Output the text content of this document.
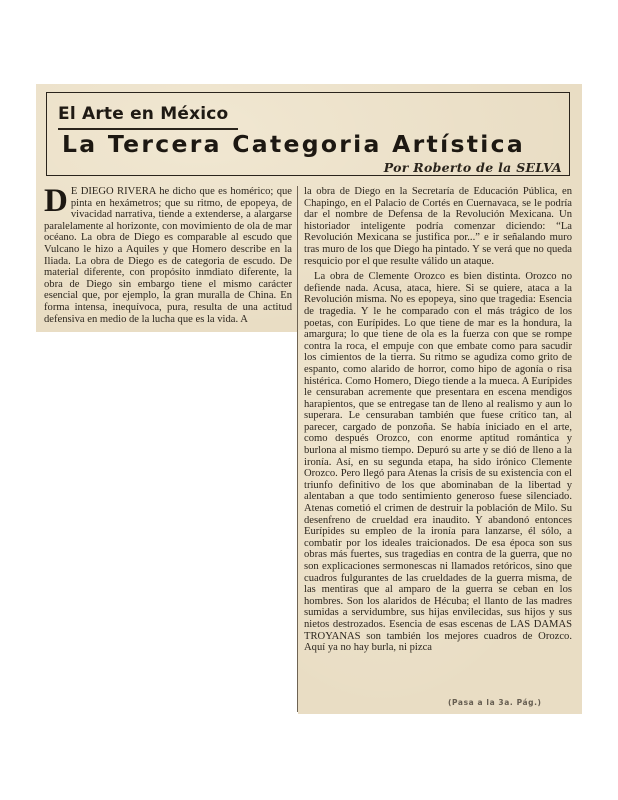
El Arte en México
La Tercera Categoria Artística
Por Roberto de la SELVA

D E DIEGO RIVERA he dicho que es homérico; que pinta en hexámetros; que su ritmo, de epopeya, de vivacidad narrativa, tiende a extenderse, a alargarse paralelamente al horizonte, con movimiento de ola de mar océano. La obra de Diego es comparable al escudo que Vulcano le hizo a Aquiles y que Homero describe en la Iliada. La obra de Diego es de categoria de escudo. De material diferente, con propósito inmdiato diferente, la obra de Diego sin embargo tiene el mismo carácter esencial que, por ejemplo, la gran muralla de China. En forma intensa, inequívoca, pura, resulta de una actitud defensiva en medio de la lucha que es la vida. A

la obra de Diego en la Secretaría de Educación Pública, en Chapingo, en el Palacio de Cortés en Cuernavaca, se le podría dar el nombre de Defensa de la Revolución Mexicana. Un historiador inteligente podría comenzar diciendo: “La Revolución Mexicana se justifica por...” e ir señalando muro tras muro de los que Diego ha pintado. Y se verá que no queda resquicio por el que resulte válido un ataque.

La obra de Clemente Orozco es bien distinta. Orozco no defiende nada. Acusa, ataca, hiere. Si se quiere, ataca a la Revolución misma. No es epopeya, sino que tragedia: Esencia de tragedia. Y le he comparado con el más trágico de los poetas, con Eurípides. Lo que tiene de mar es la hondura, la amargura; lo que tiene de ola es la fuerza con que se rompe contra la roca, el empuje con que embate como para sacudir los cimientos de la tierra. Su ritmo se agudiza como grito de espanto, como alarido de horror, como hipo de agonía o risa histérica. Como Homero, Diego tiende a la mueca. A Eurípides le censuraban acremente que presentara en escena mendigos harapientos, que se entregase tan de lleno al realismo y aun lo superara. Le censuraban también que fuese crítico tan, al parecer, cargado de ponzoña. Se había iniciado en el arte, como después Orozco, con enorme aptitud romántica y burlona al mismo tiempo. Depuró su arte y se dió de lleno a la ironía. Así, en su segunda etapa, ha sido irónico Clemente Orozco. Pero llegó para Atenas la crisis de su existencia con el triunfo definitivo de los que abominaban de la libertad y alentaban a que todo sentimiento generoso fuese silenciado. Atenas cometió el crimen de destruir la población de Milo. Su desenfreno de crueldad era inaudito. Y abandonó entonces Eurípides su empleo de la ironía para lanzarse, él sólo, a combatir por los ideales traicionados. De esa época son sus obras más fuertes, sus tragedias en contra de la guerra, que no son explicaciones sermonescas ni llamados retóricos, sino que cuadros fulgurantes de las crueldades de la guerra misma, de las mentiras que al amparo de la guerra se ceban en los hombres. Son los alaridos de Hécuba; el llanto de las madres sumidas a servidumbre, sus hijas envilecidas, sus hijos y sus nietos destrozados. Esencia de esas escenas de LAS DAMAS TROYANAS son también los mejores cuadros de Orozco. Aquí ya no hay burla, ni pizca

(Pasa a la 3a. Pág.)
